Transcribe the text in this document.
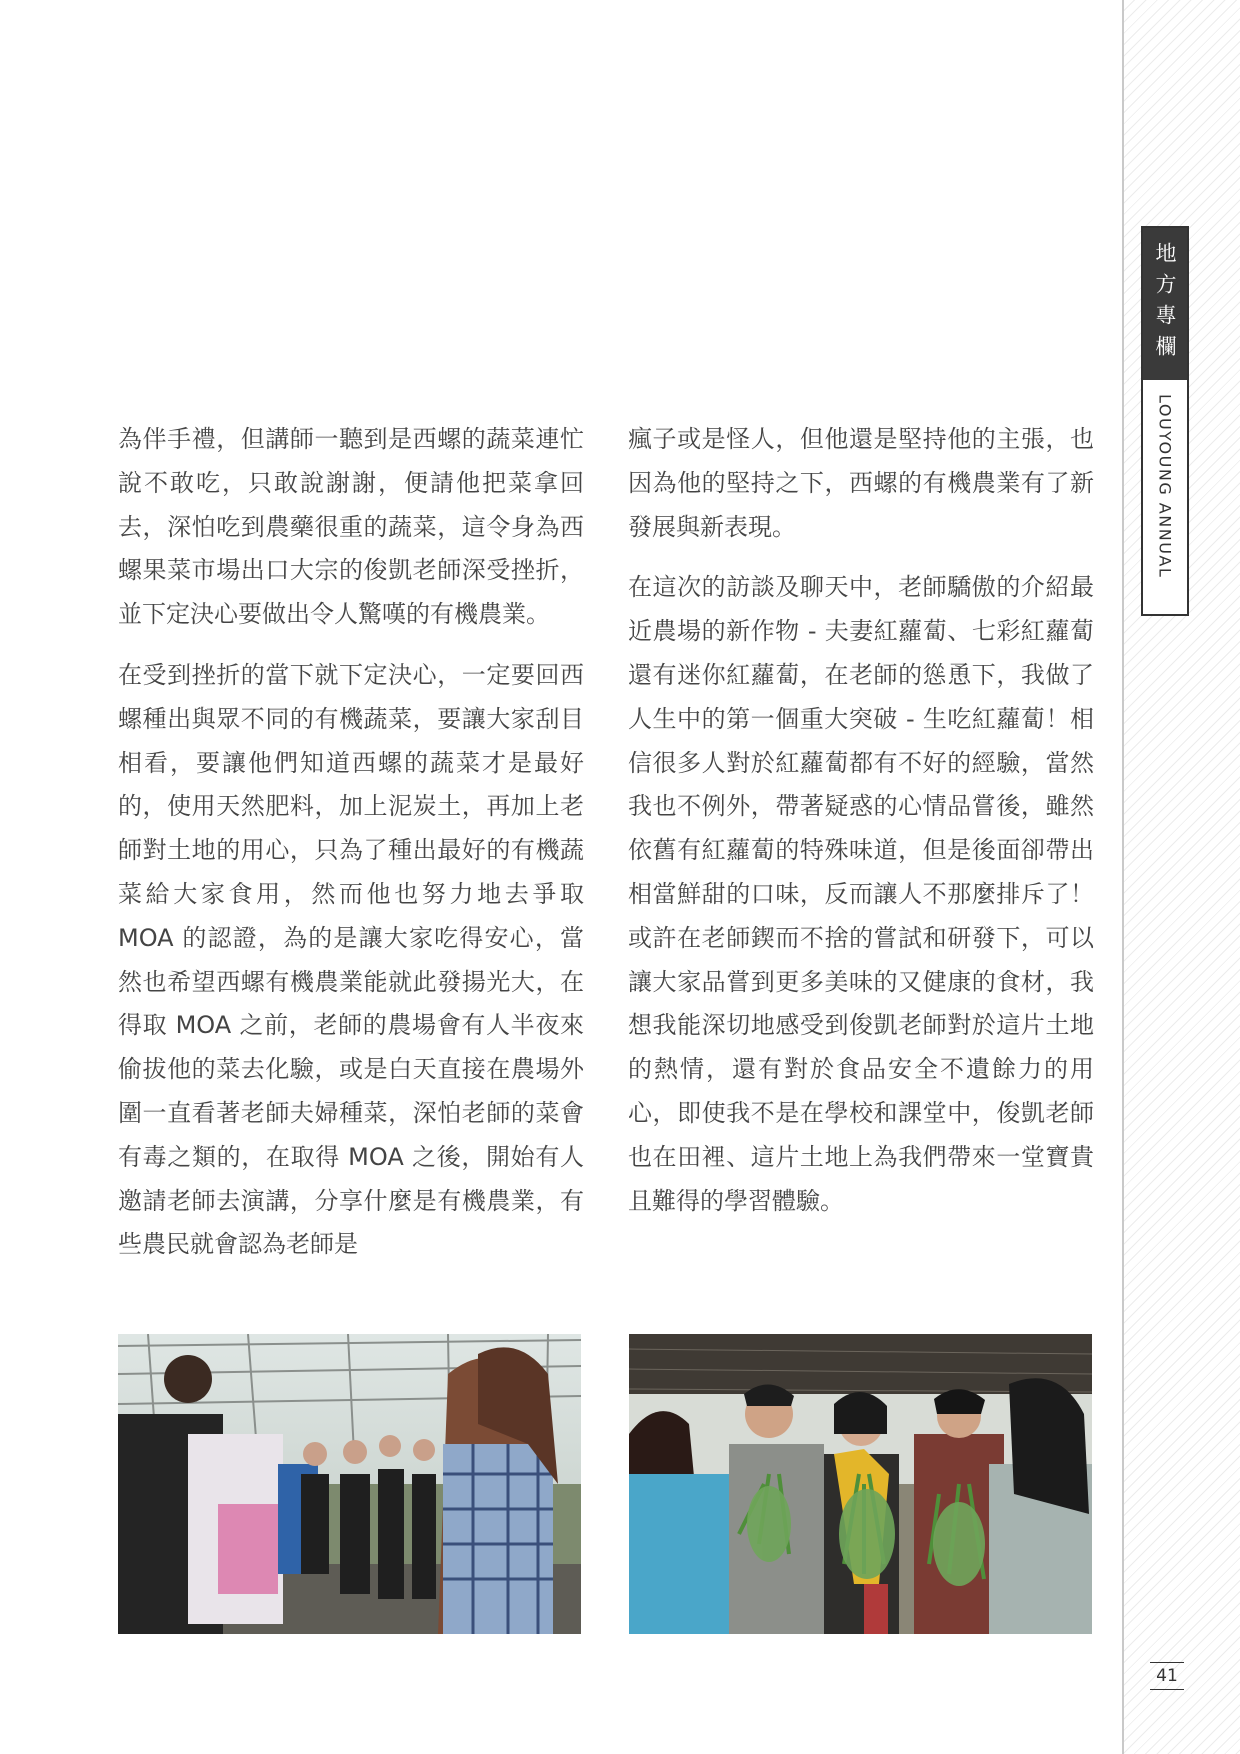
地方專欄
LOUYOUNG ANNUAL

為伴手禮，但講師一聽到是西螺的蔬菜連忙說不敢吃，只敢說謝謝，便請他把菜拿回去，深怕吃到農藥很重的蔬菜，這令身為西螺果菜市場出口大宗的俊凱老師深受挫折，並下定決心要做出令人驚嘆的有機農業。

在受到挫折的當下就下定決心，一定要回西螺種出與眾不同的有機蔬菜，要讓大家刮目相看，要讓他們知道西螺的蔬菜才是最好的，使用天然肥料，加上泥炭土，再加上老師對土地的用心，只為了種出最好的有機蔬菜給大家食用，然而他也努力地去爭取 MOA 的認證，為的是讓大家吃得安心，當然也希望西螺有機農業能就此發揚光大，在得取 MOA 之前，老師的農場會有人半夜來偷拔他的菜去化驗，或是白天直接在農場外圍一直看著老師夫婦種菜，深怕老師的菜會有毒之類的，在取得 MOA 之後，開始有人邀請老師去演講，分享什麼是有機農業，有些農民就會認為老師是

瘋子或是怪人，但他還是堅持他的主張，也因為他的堅持之下，西螺的有機農業有了新發展與新表現。

在這次的訪談及聊天中，老師驕傲的介紹最近農場的新作物 - 夫妻紅蘿蔔、七彩紅蘿蔔還有迷你紅蘿蔔，在老師的慫恿下，我做了人生中的第一個重大突破 - 生吃紅蘿蔔！相信很多人對於紅蘿蔔都有不好的經驗，當然我也不例外，帶著疑惑的心情品嘗後，雖然依舊有紅蘿蔔的特殊味道，但是後面卻帶出相當鮮甜的口味，反而讓人不那麼排斥了！或許在老師鍥而不捨的嘗試和研發下，可以讓大家品嘗到更多美味的又健康的食材，我想我能深切地感受到俊凱老師對於這片土地的熱情，還有對於食品安全不遺餘力的用心，即使我不是在學校和課堂中，俊凱老師也在田裡、這片土地上為我們帶來一堂寶貴且難得的學習體驗。

41
